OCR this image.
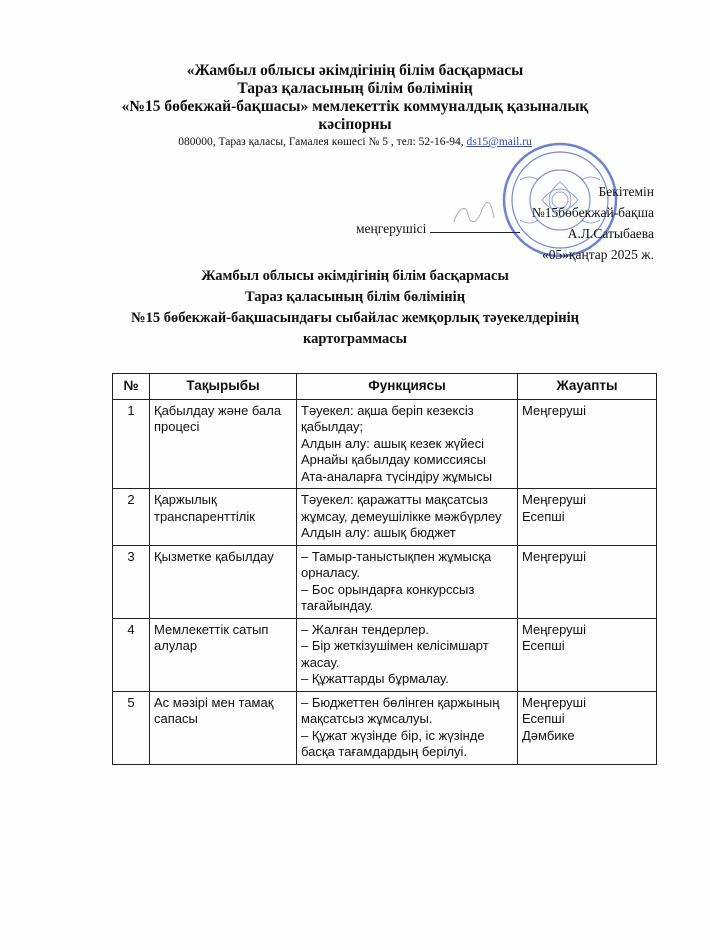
«Жамбыл облысы әкімдігінің білім басқармасы
Тараз қаласының білім бөлімінің
«№15 бөбекжай-бақшасы» мемлекеттік коммуналдық қазыналық
кәсіпорны
080000, Тараз қаласы, Гамалея көшесі № 5 , тел: 52-16-94, ds15@mail.ru
Бекітемін
№15бөбекжай-бақша
А.Л.Сатыбаева
«05»қаңтар 2025 ж.
меңгерушісі
Жамбыл облысы әкімдігінің білім басқармасы
Тараз қаласының білім бөлімінің
№15 бөбекжай-бақшасындағы сыбайлас жемқорлық тәуекелдерінің
картограммасы
№	Тақырыбы	Функциясы	Жауапты
1	Қабылдау және бала процесі	Тәуекел: ақша беріп кезексіз қабылдау;
Алдын алу: ашық кезек жүйесі
Арнайы қабылдау комиссиясы
Ата-аналарға түсіндіру жұмысы	Меңгеруші

2	Қаржылық транспаренттілік	Тәуекел: қаражатты мақсатсыз жұмсау, демеушілікке мәжбүрлеу
Алдын алу: ашық бюджет	Меңгеруші
Есепші

3	Қызметке қабылдау	– Тамыр-таныстықпен жұмысқа орналасу.
– Бос орындарға конкурссыз тағайындау.	Меңгеруші

4	Мемлекеттік сатып алулар	– Жалған тендерлер.
– Бір жеткізушімен келісімшарт жасау.
– Құжаттарды бұрмалау.	Меңгеруші
Есепші

5	Ас мәзірі мен тамақ сапасы	– Бюджеттен бөлінген қаржының мақсатсыз жұмсалуы.
– Құжат жүзінде бір, іс жүзінде басқа тағамдардың берілуі.	Меңгеруші
Есепші
Дәмбике
